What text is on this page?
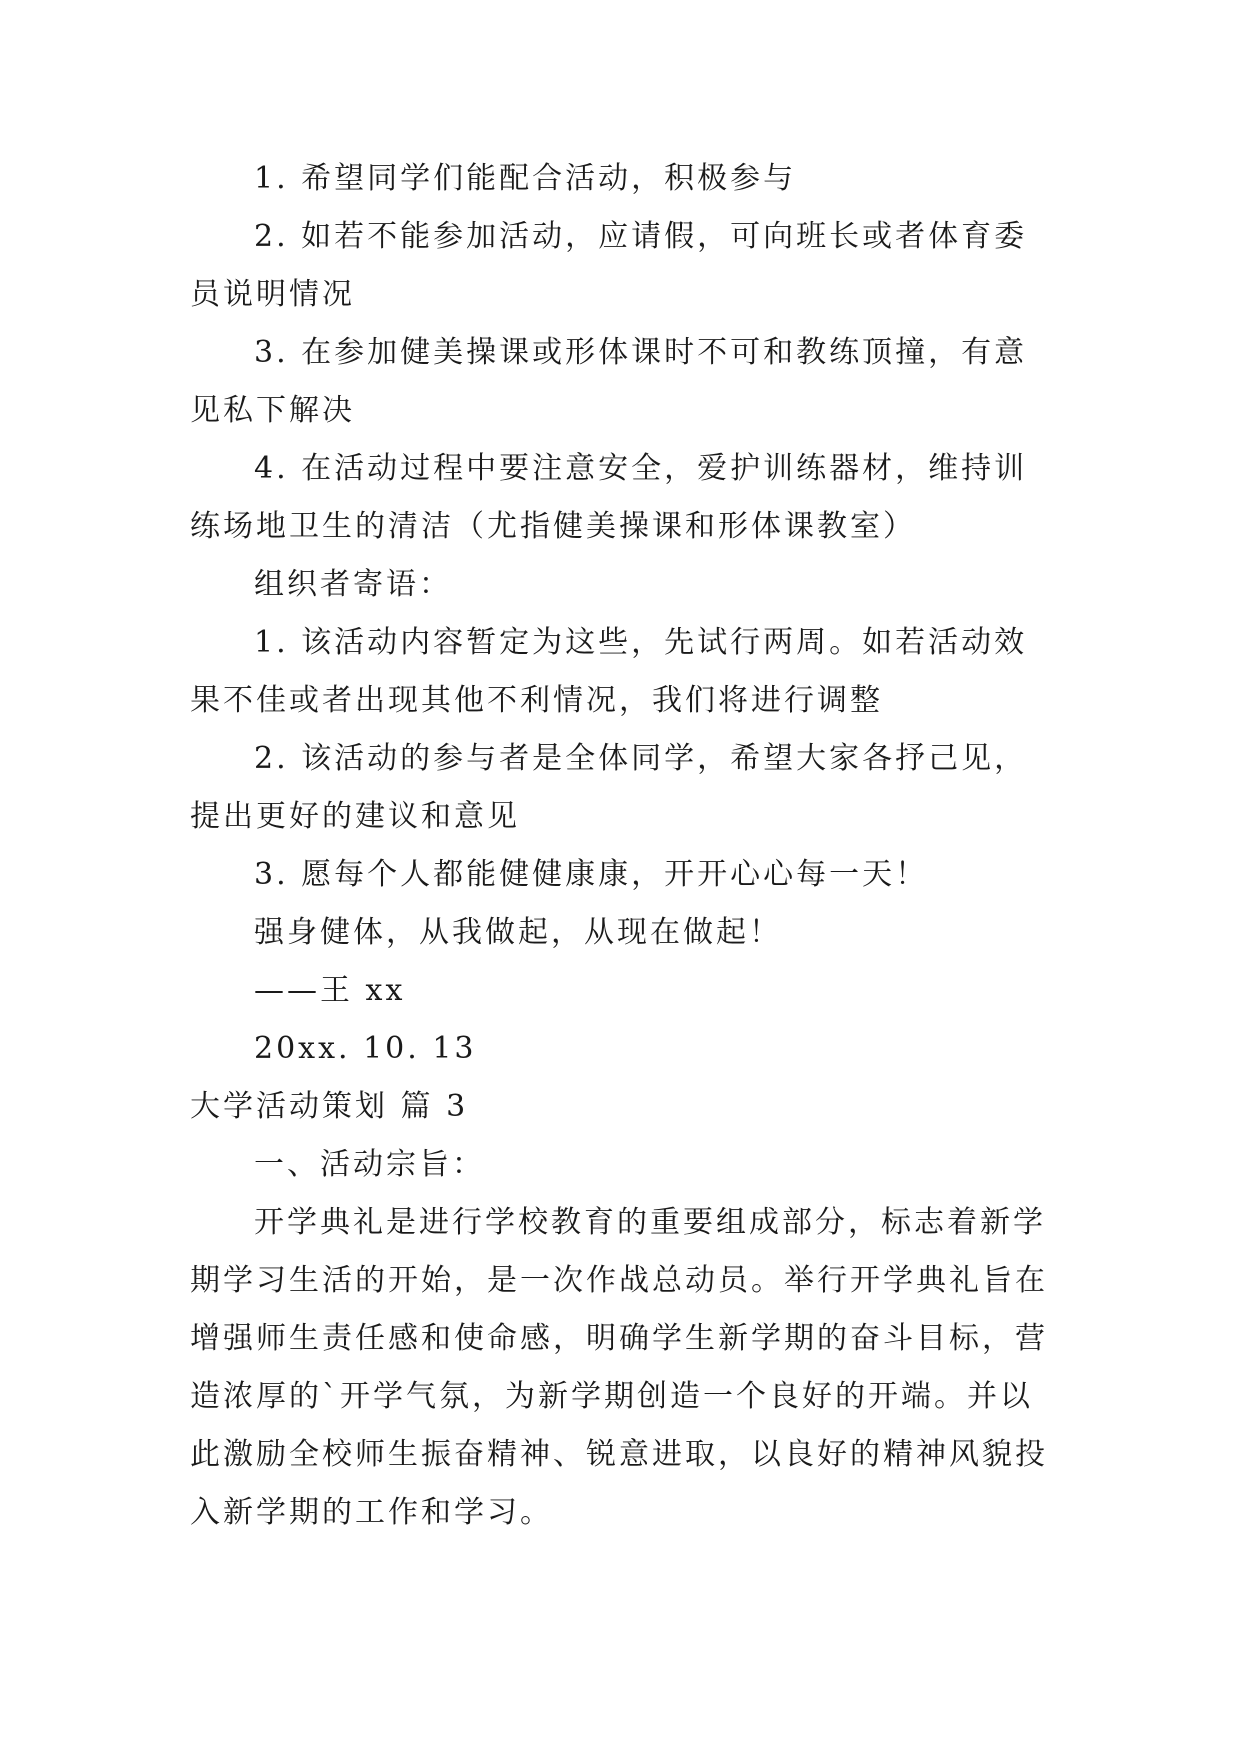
1. 希望同学们能配合活动，积极参与

2. 如若不能参加活动，应请假，可向班长或者体育委员说明情况

3. 在参加健美操课或形体课时不可和教练顶撞，有意见私下解决

4. 在活动过程中要注意安全，爱护训练器材，维持训练场地卫生的清洁（尤指健美操课和形体课教室）

组织者寄语：

1. 该活动内容暂定为这些，先试行两周。如若活动效果不佳或者出现其他不利情况，我们将进行调整

2. 该活动的参与者是全体同学，希望大家各抒己见，提出更好的建议和意见

3. 愿每个人都能健健康康，开开心心每一天！

强身健体，从我做起，从现在做起！

——王 xx

20xx. 10. 13

大学活动策划 篇 3

一、活动宗旨：

开学典礼是进行学校教育的重要组成部分，标志着新学期学习生活的开始，是一次作战总动员。举行开学典礼旨在增强师生责任感和使命感，明确学生新学期的奋斗目标，营造浓厚的`开学气氛，为新学期创造一个良好的开端。并以此激励全校师生振奋精神、锐意进取，以良好的精神风貌投入新学期的工作和学习。
